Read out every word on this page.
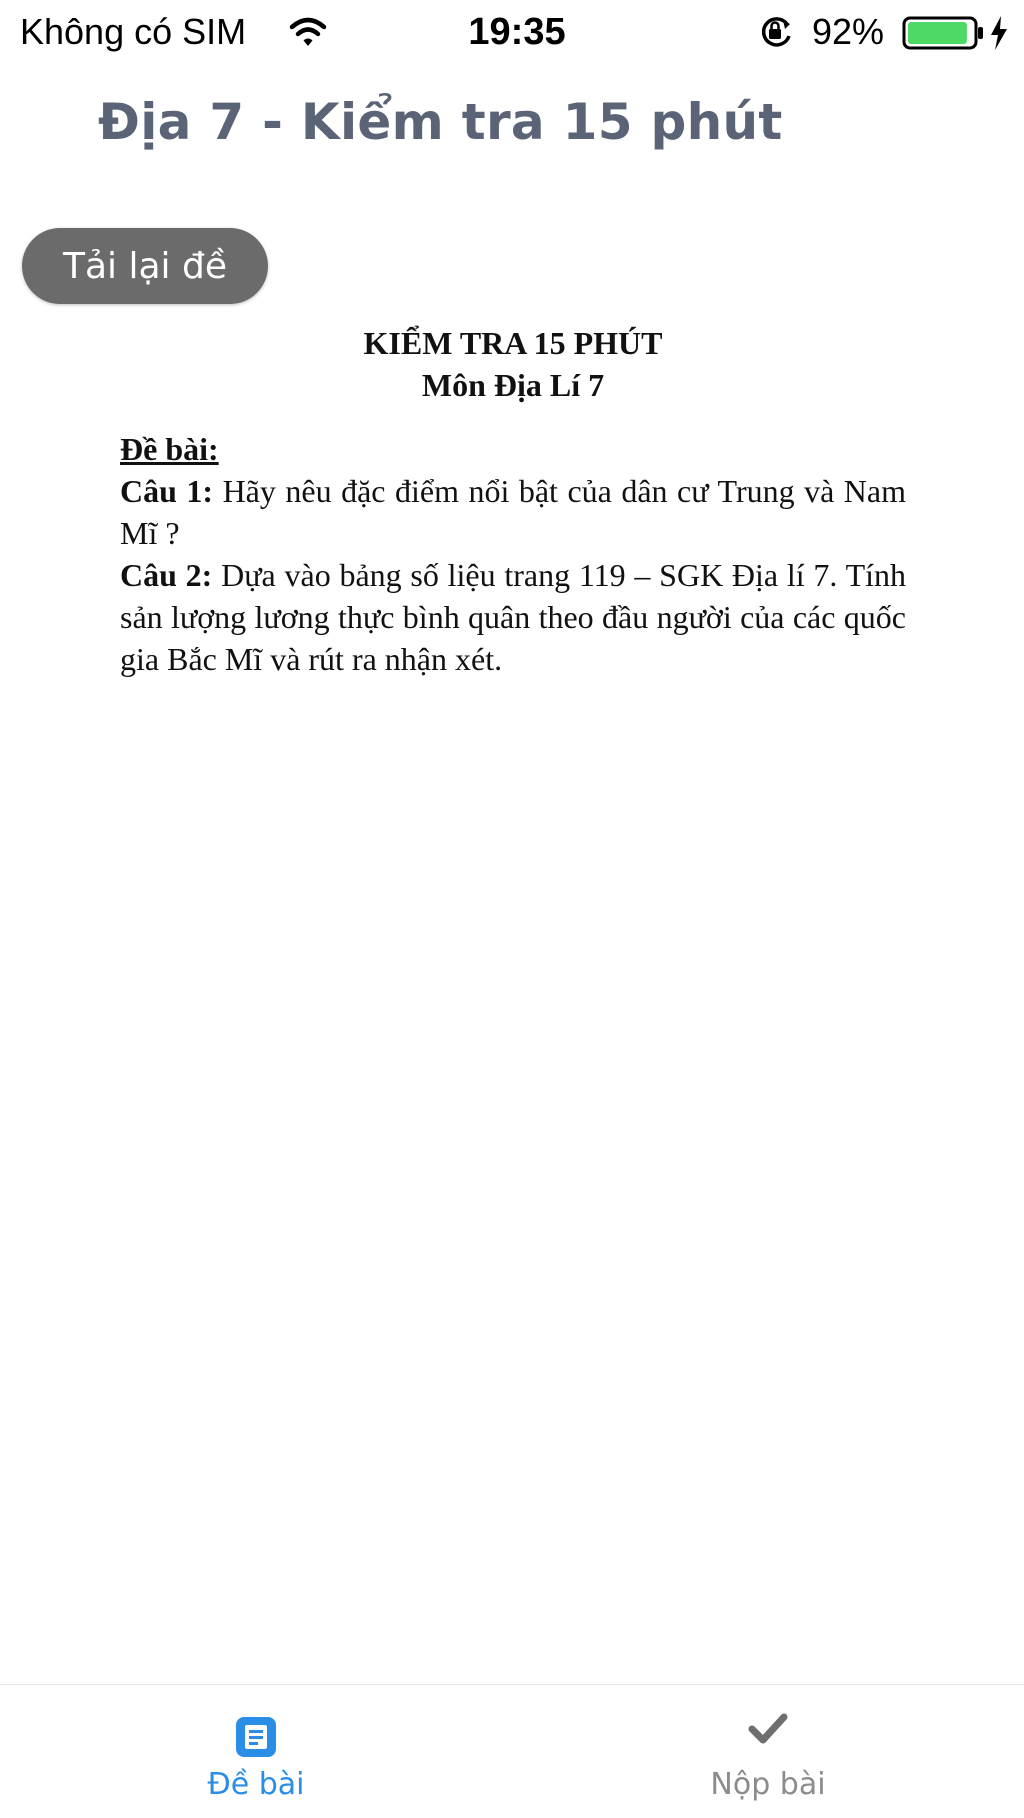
Không có SIM	19:35	92%
Địa 7 - Kiểm tra 15 phút
Tải lại đề

KIỂM TRA 15 PHÚT

Môn Địa Lí 7

Đề bài:

Câu 1: Hãy nêu đặc điểm nổi bật của dân cư Trung và Nam Mĩ ?

Câu 2: Dựa vào bảng số liệu trang 119 – SGK Địa lí 7. Tính sản lượng lương thực bình quân theo đầu người của các quốc gia Bắc Mĩ và rút ra nhận xét.

Đề bài	Nộp bài
